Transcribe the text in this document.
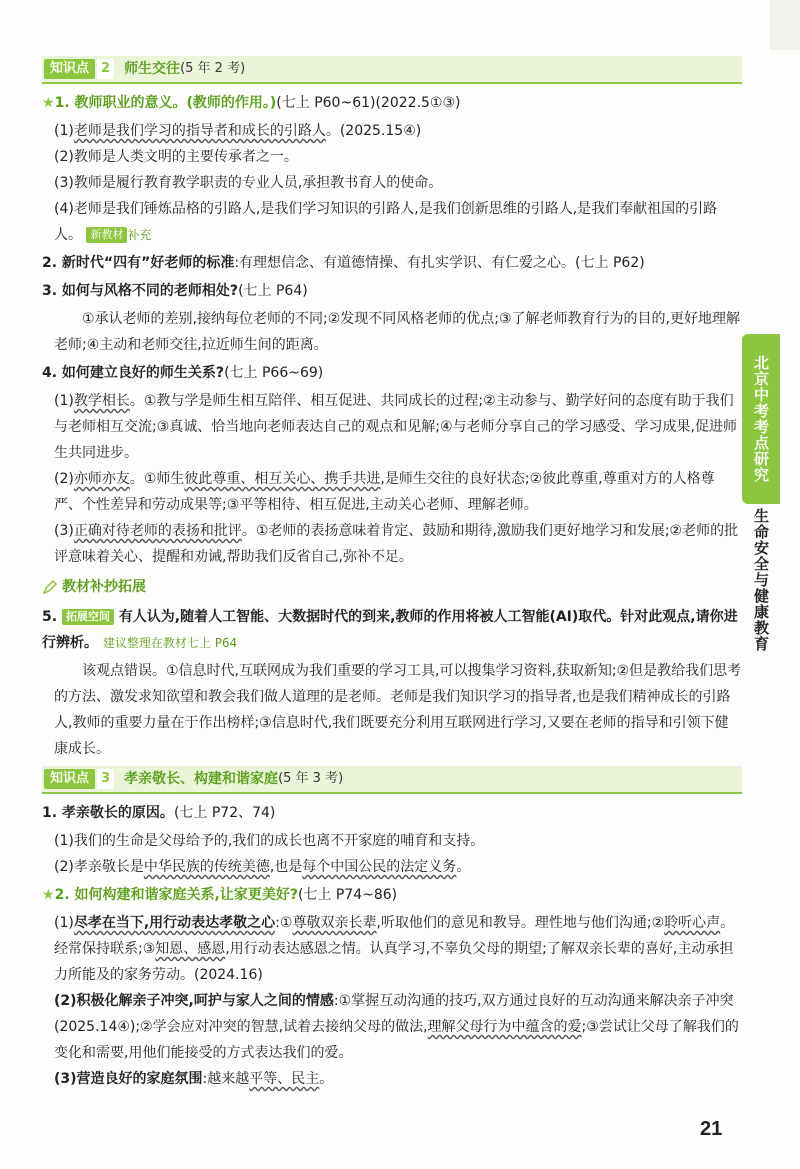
知识点 2 师生交往 (5 年 2 考)
★1. 教师职业的意义。(教师的作用。)(七上 P60~61)(2022.5①③)

(1)老师是我们学习的指导者和成长的引路人。(2025.15④)

(2)教师是人类文明的主要传承者之一。

(3)教师是履行教育教学职责的专业人员,承担教书育人的使命。

(4)老师是我们锤炼品格的引路人,是我们学习知识的引路人,是我们创新思维的引路人,是我们奉献祖国的引路人。 新教材 补充

2. 新时代“四有”好老师的标准:有理想信念、有道德情操、有扎实学识、有仁爱之心。(七上 P62)
3. 如何与风格不同的老师相处?(七上 P64)

①承认老师的差别,接纳每位老师的不同;②发现不同风格老师的优点;③了解老师教育行为的目的,更好地理解老师;④主动和老师交往,拉近师生间的距离。

4. 如何建立良好的师生关系?(七上 P66~69)

(1)教学相长。①教与学是师生相互陪伴、相互促进、共同成长的过程;②主动参与、勤学好问的态度有助于我们与老师相互交流;③真诚、恰当地向老师表达自己的观点和见解;④与老师分享自己的学习感受、学习成果,促进师生共同进步。

(2)亦师亦友。①师生彼此尊重、相互关心、携手共进,是师生交往的良好状态;②彼此尊重,尊重对方的人格尊严、个性差异和劳动成果等;③平等相待、相互促进,主动关心老师、理解老师。

(3)正确对待老师的表扬和批评。①老师的表扬意味着肯定、鼓励和期待,激励我们更好地学习和发展;②老师的批评意味着关心、提醒和劝诫,帮助我们反省自己,弥补不足。

教材补抄拓展
5. 拓展空间 有人认为,随着人工智能、大数据时代的到来,教师的作用将被人工智能(AI)取代。针对此观点,请你进行辨析。 建议整理在教材七上 P64

该观点错误。①信息时代,互联网成为我们重要的学习工具,可以搜集学习资料,获取新知;②但是教给我们思考的方法、激发求知欲望和教会我们做人道理的是老师。老师是我们知识学习的指导者,也是我们精神成长的引路人,教师的重要力量在于作出榜样;③信息时代,我们既要充分利用互联网进行学习,又要在老师的指导和引领下健康成长。

知识点 3 孝亲敬长、构建和谐家庭 (5 年 3 考)
1. 孝亲敬长的原因。(七上 P72、74)

(1)我们的生命是父母给予的,我们的成长也离不开家庭的哺育和支持。

(2)孝亲敬长是中华民族的传统美德,也是每个中国公民的法定义务。

★2. 如何构建和谐家庭关系,让家更美好?(七上 P74~86)

(1)尽孝在当下,用行动表达孝敬之心:①尊敬双亲长辈,听取他们的意见和教导。理性地与他们沟通;②聆听心声。经常保持联系;③知恩、感恩,用行动表达感恩之情。认真学习,不辜负父母的期望;了解双亲长辈的喜好,主动承担力所能及的家务劳动。(2024.16)

(2)积极化解亲子冲突,呵护与家人之间的情感:①掌握互动沟通的技巧,双方通过良好的互动沟通来解决亲子冲突(2025.14④);②学会应对冲突的智慧,试着去接纳父母的做法,理解父母行为中蕴含的爱;③尝试让父母了解我们的变化和需要,用他们能接受的方式表达我们的爱。

(3)营造良好的家庭氛围:越来越平等、民主。

北京中考考点研究
生命安全与健康教育
21
